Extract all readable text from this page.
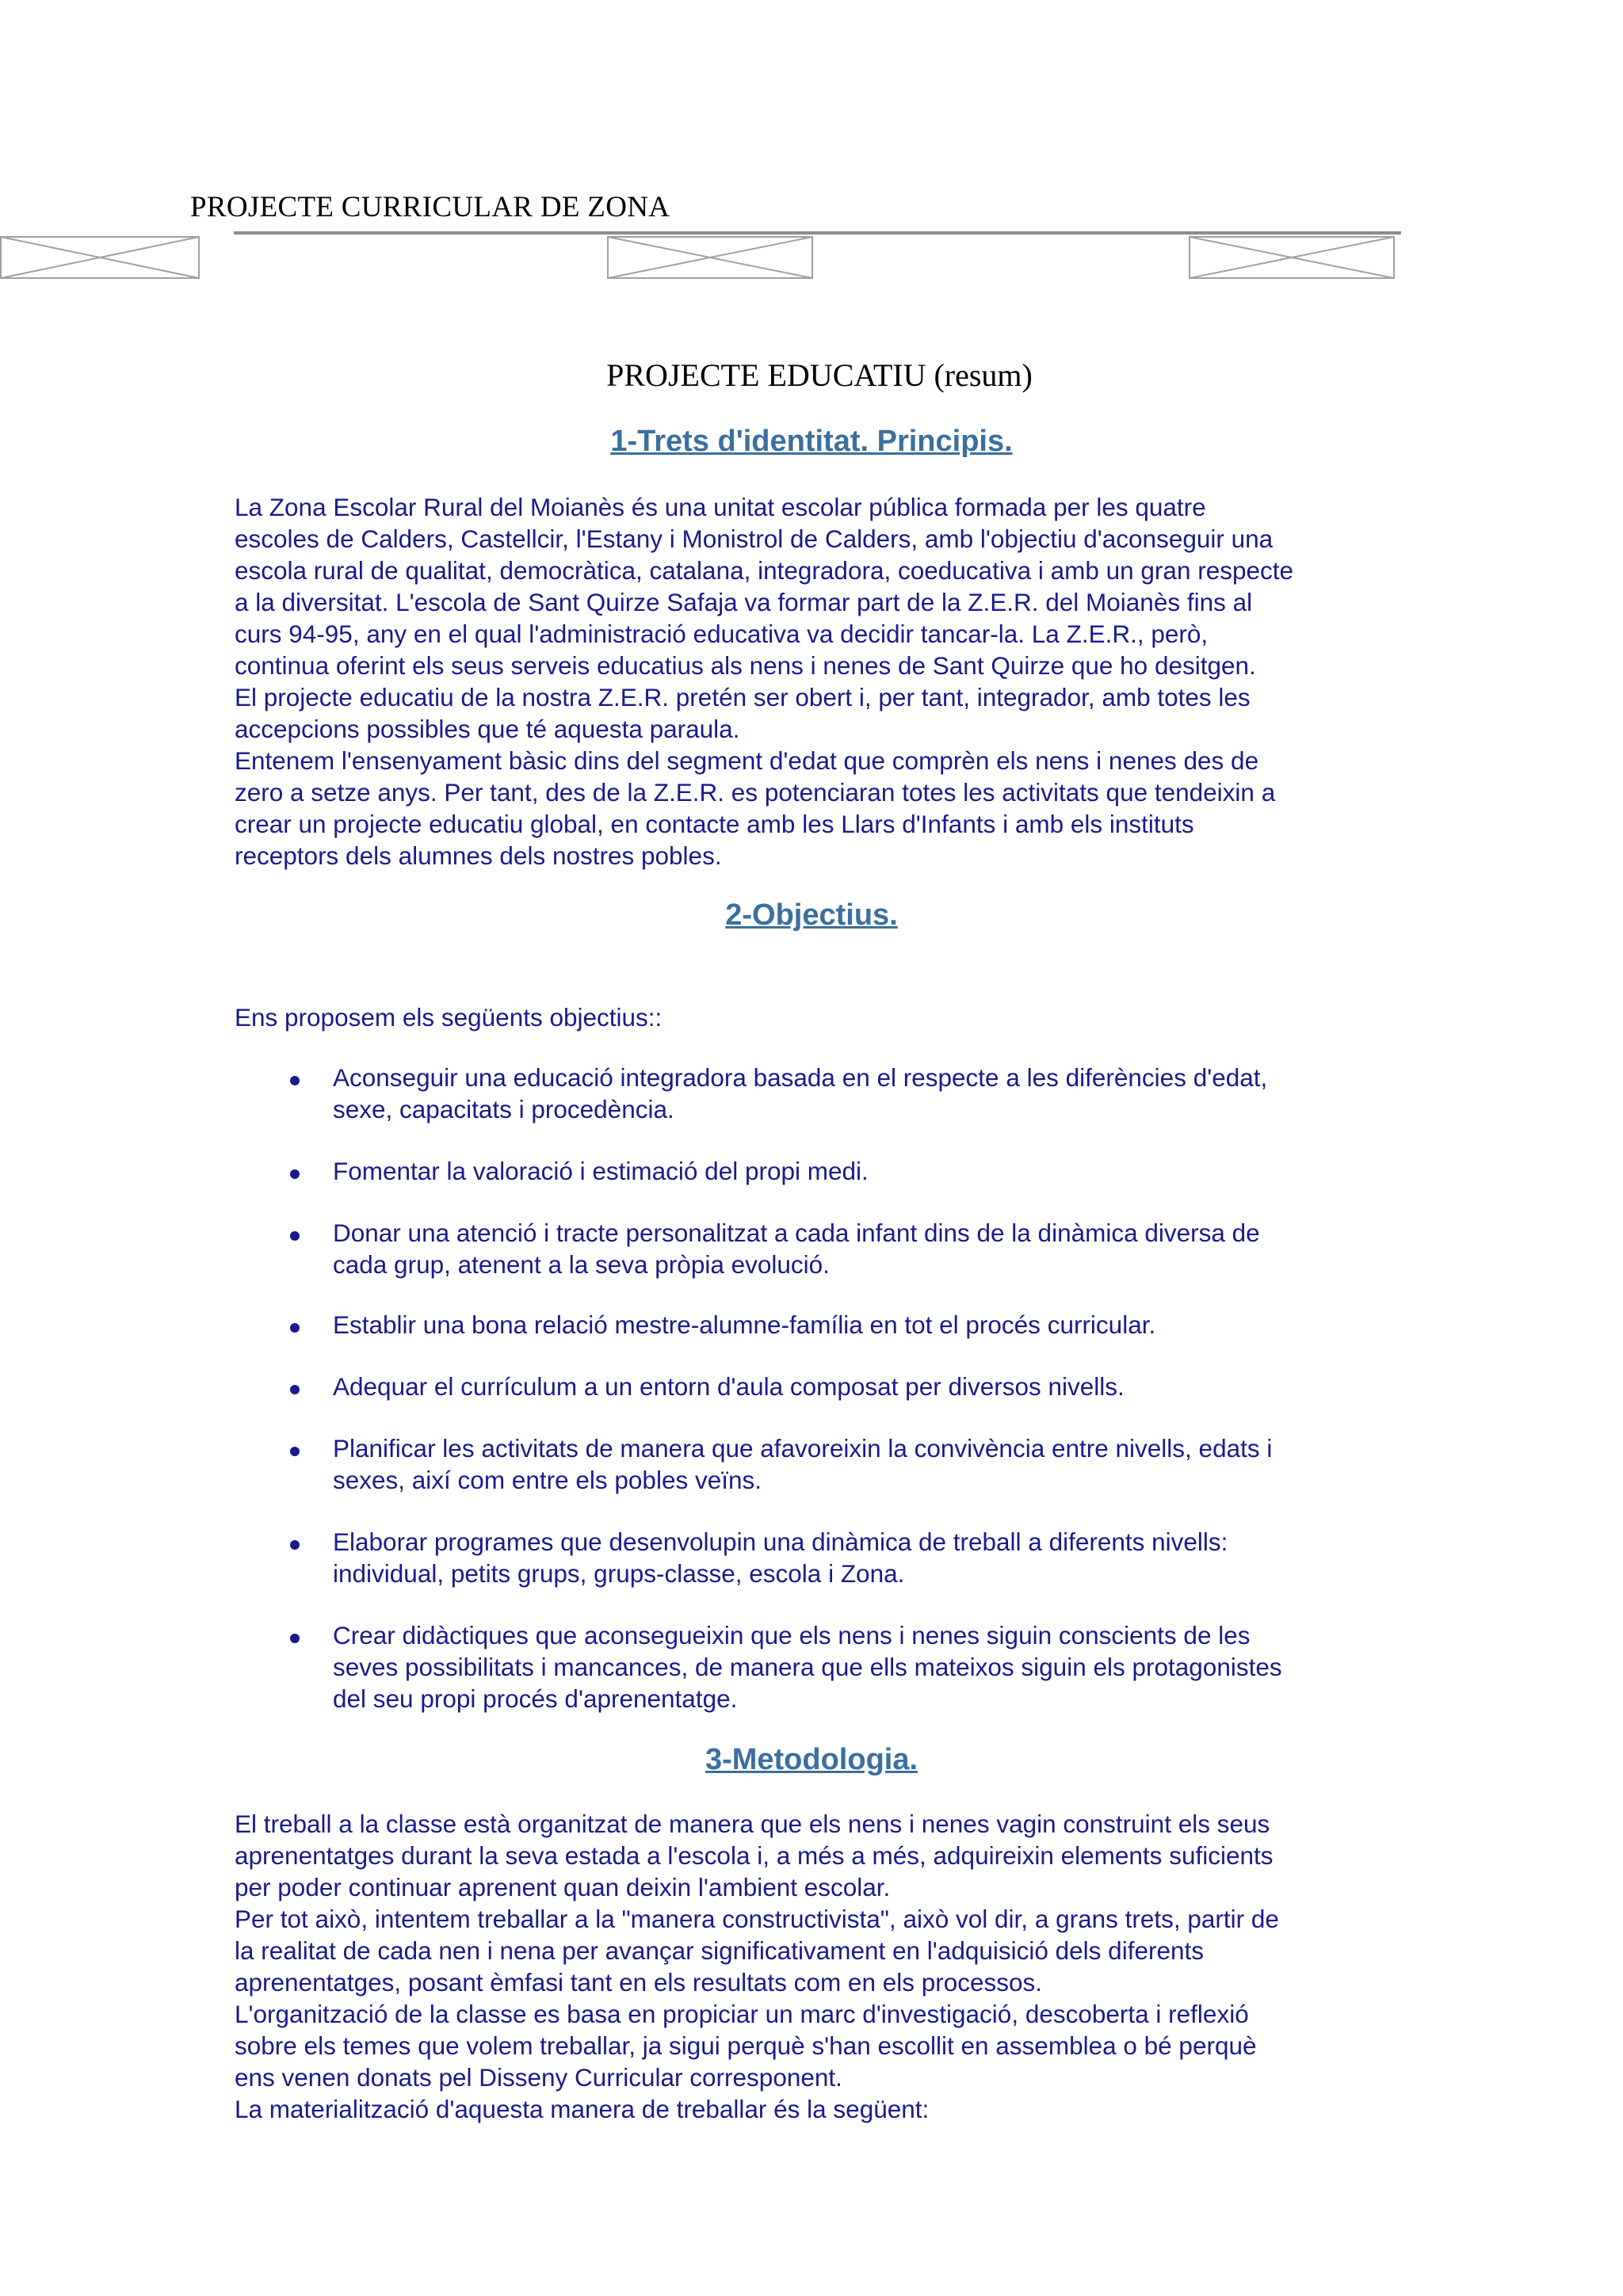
PROJECTE CURRICULAR DE ZONA
PROJECTE EDUCATIU (resum)
1-Trets d'identitat. Principis.

La Zona Escolar Rural del Moianès és una unitat escolar pública formada per les quatre
escoles de Calders, Castellcir, l'Estany i Monistrol de Calders, amb l'objectiu d'aconseguir una
escola rural de qualitat, democràtica, catalana, integradora, coeducativa i amb un gran respecte
a la diversitat. L'escola de Sant Quirze Safaja va formar part de la Z.E.R. del Moianès fins al
curs 94-95, any en el qual l'administració educativa va decidir tancar-la. La Z.E.R., però,
continua oferint els seus serveis educatius als nens i nenes de Sant Quirze que ho desitgen.
El projecte educatiu de la nostra Z.E.R. pretén ser obert i, per tant, integrador, amb totes les
accepcions possibles que té aquesta paraula.
Entenem l'ensenyament bàsic dins del segment d'edat que comprèn els nens i nenes des de
zero a setze anys. Per tant, des de la Z.E.R. es potenciaran totes les activitats que tendeixin a
crear un projecte educatiu global, en contacte amb les Llars d'Infants i amb els instituts
receptors dels alumnes dels nostres pobles.

2-Objectius.

Ens proposem els següents objectius::

Aconseguir una educació integradora basada en el respecte a les diferències d'edat,
sexe, capacitats i procedència.

Fomentar la valoració i estimació del propi medi.

Donar una atenció i tracte personalitzat a cada infant dins de la dinàmica diversa de
cada grup, atenent a la seva pròpia evolució.

Establir una bona relació mestre-alumne-família en tot el procés curricular.

Adequar el currículum a un entorn d'aula composat per diversos nivells.

Planificar les activitats de manera que afavoreixin la convivència entre nivells, edats i
sexes, així com entre els pobles veïns.

Elaborar programes que desenvolupin una dinàmica de treball a diferents nivells:
individual, petits grups, grups-classe, escola i Zona.

Crear didàctiques que aconsegueixin que els nens i nenes siguin conscients de les
seves possibilitats i mancances, de manera que ells mateixos siguin els protagonistes
del seu propi procés d'aprenentatge.

3-Metodologia.

El treball a la classe està organitzat de manera que els nens i nenes vagin construint els seus
aprenentatges durant la seva estada a l'escola i, a més a més, adquireixin elements suficients
per poder continuar aprenent quan deixin l'ambient escolar.
Per tot això, intentem treballar a la "manera constructivista", això vol dir, a grans trets, partir de
la realitat de cada nen i nena per avançar significativament en l'adquisició dels diferents
aprenentatges, posant èmfasi tant en els resultats com en els processos.
L'organització de la classe es basa en propiciar un marc d'investigació, descoberta i reflexió
sobre els temes que volem treballar, ja sigui perquè s'han escollit en assemblea o bé perquè
ens venen donats pel Disseny Curricular corresponent.
La materialització d'aquesta manera de treballar és la següent:
